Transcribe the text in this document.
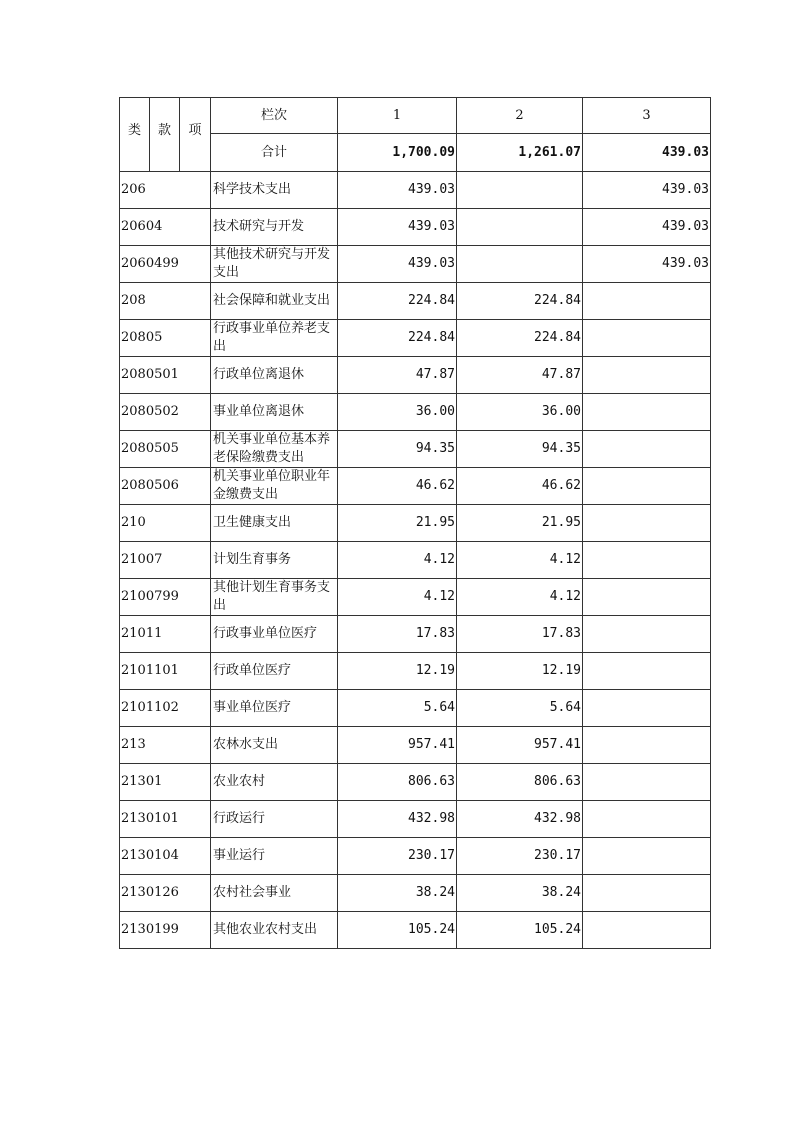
类	款	项	栏次	1	2	3
			合计	1,700.09	1,261.07	439.03
206			科学技术支出	439.03		439.03
20604			技术研究与开发	439.03		439.03
2060499			其他技术研究与开发支出	439.03		439.03
208			社会保障和就业支出	224.84	224.84	
20805			行政事业单位养老支出	224.84	224.84	
2080501			行政单位离退休	47.87	47.87	
2080502			事业单位离退休	36.00	36.00	
2080505			机关事业单位基本养老保险缴费支出	94.35	94.35	
2080506			机关事业单位职业年金缴费支出	46.62	46.62	
210			卫生健康支出	21.95	21.95	
21007			计划生育事务	4.12	4.12	
2100799			其他计划生育事务支出	4.12	4.12	
21011			行政事业单位医疗	17.83	17.83	
2101101			行政单位医疗	12.19	12.19	
2101102			事业单位医疗	5.64	5.64	
213			农林水支出	957.41	957.41	
21301			农业农村	806.63	806.63	
2130101			行政运行	432.98	432.98	
2130104			事业运行	230.17	230.17	
2130126			农村社会事业	38.24	38.24	
2130199			其他农业农村支出	105.24	105.24	
